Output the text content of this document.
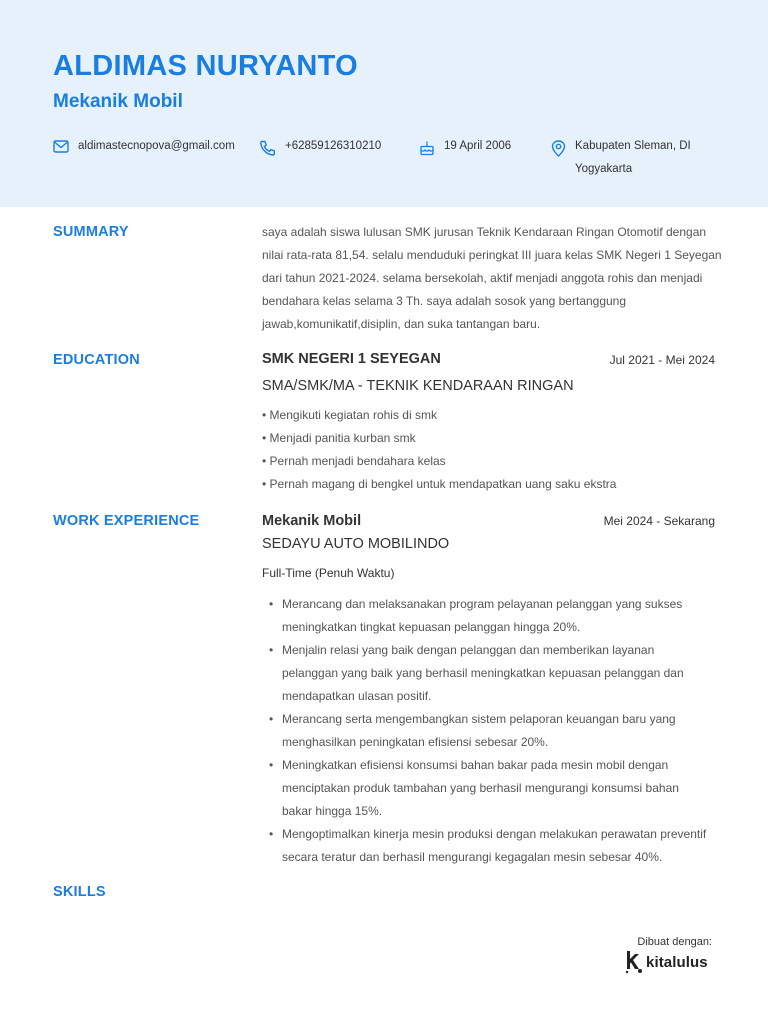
ALDIMAS NURYANTO
Mekanik Mobil
aldimastecnopova@gmail.com	+62859126310210	19 April 2006	Kabupaten Sleman, DI Yogyakarta
SUMMARY	saya adalah siswa lulusan SMK jurusan Teknik Kendaraan Ringan Otomotif dengan nilai rata-rata 81,54. selalu menduduki peringkat III juara kelas SMK Negeri 1 Seyegan dari tahun 2021-2024. selama bersekolah, aktif menjadi anggota rohis dan menjadi bendahara kelas selama 3 Th. saya adalah sosok yang bertanggung jawab,komunikatif,disiplin, dan suka tantangan baru.

EDUCATION	SMK NEGERI 1 SEYEGAN	Jul 2021 - Mei 2024
SMA/SMK/MA - TEKNIK KENDARAAN RINGAN
• Mengikuti kegiatan rohis di smk
• Menjadi panitia kurban smk
• Pernah menjadi bendahara kelas
• Pernah magang di bengkel untuk mendapatkan uang saku ekstra
WORK EXPERIENCE	Mekanik Mobil	Mei 2024 - Sekarang
SEDAYU AUTO MOBILINDO
Full-Time (Penuh Waktu)
• Merancang dan melaksanakan program pelayanan pelanggan yang sukses meningkatkan tingkat kepuasan pelanggan hingga 20%.
• Menjalin relasi yang baik dengan pelanggan dan memberikan layanan pelanggan yang baik yang berhasil meningkatkan kepuasan pelanggan dan mendapatkan ulasan positif.
• Merancang serta mengembangkan sistem pelaporan keuangan baru yang menghasilkan peningkatan efisiensi sebesar 20%.
• Meningkatkan efisiensi konsumsi bahan bakar pada mesin mobil dengan menciptakan produk tambahan yang berhasil mengurangi konsumsi bahan bakar hingga 15%.
• Mengoptimalkan kinerja mesin produksi dengan melakukan perawatan preventif secara teratur dan berhasil mengurangi kegagalan mesin sebesar 40%.
SKILLS
Dibuat dengan:
kitalulus
